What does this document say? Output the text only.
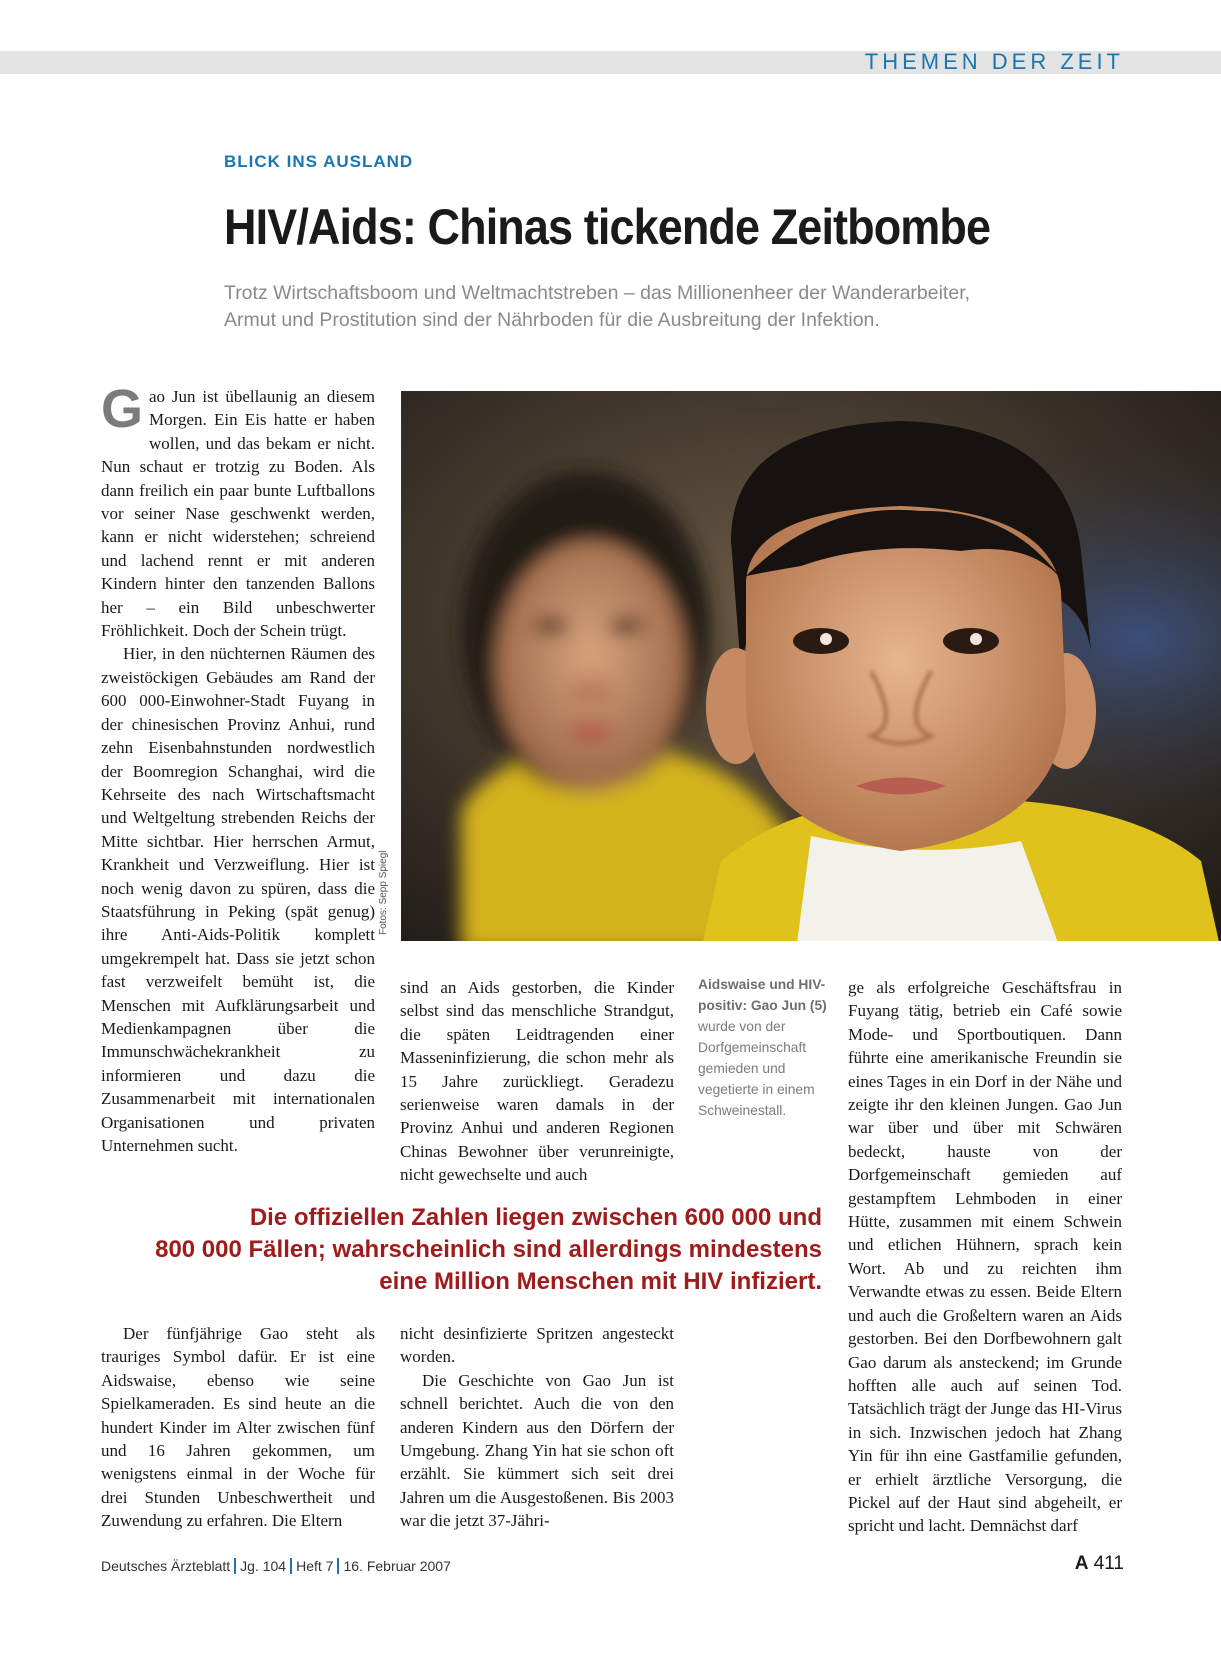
THEMEN DER ZEIT
BLICK INS AUSLAND
HIV/Aids: Chinas tickende Zeitbombe
Trotz Wirtschaftsboom und Weltmachtstreben – das Millionenheer der Wanderarbeiter,
Armut und Prostitution sind der Nährboden für die Ausbreitung der Infektion.
G ao Jun ist übellaunig an diesem Morgen. Ein Eis hatte er haben wollen, und das bekam er nicht. Nun schaut er trotzig zu Boden. Als dann freilich ein paar bunte Luftballons vor seiner Nase geschwenkt werden, kann er nicht widerstehen; schreiend und lachend rennt er mit anderen Kindern hinter den tanzenden Ballons her – ein Bild unbeschwerter Fröhlichkeit. Doch der Schein trügt.

Hier, in den nüchternen Räumen des zweistöckigen Gebäudes am Rand der 600 000-Einwohner-Stadt Fuyang in der chinesischen Provinz Anhui, rund zehn Eisenbahnstunden nordwestlich der Boomregion Schanghai, wird die Kehrseite des nach Wirtschaftsmacht und Weltgeltung strebenden Reichs der Mitte sichtbar. Hier herrschen Armut, Krankheit und Verzweiflung. Hier ist noch wenig davon zu spüren, dass die Staatsführung in Peking (spät genug) ihre Anti-Aids-Politik komplett umgekrempelt hat. Dass sie jetzt schon fast verzweifelt bemüht ist, die Menschen mit Aufklärungsarbeit und Medienkampagnen über die Immunschwächekrankheit zu informieren und dazu die Zusammenarbeit mit internationalen Organisationen und privaten Unternehmen sucht.

Fotos: Sepp Spiegl

sind an Aids gestorben, die Kinder selbst sind das menschliche Strandgut, die späten Leidtragenden einer Masseninfizierung, die schon mehr als 15 Jahre zurückliegt. Geradezu serienweise waren damals in der Provinz Anhui und anderen Regionen Chinas Bewohner über verunreinigte, nicht gewechselte und auch

Aidswaise und HIV-positiv: Gao Jun (5) wurde von der Dorfgemeinschaft gemieden und vegetierte in einem Schweinestall.

ge als erfolgreiche Geschäftsfrau in Fuyang tätig, betrieb ein Café sowie Mode- und Sportboutiquen. Dann führte eine amerikanische Freundin sie eines Tages in ein Dorf in der Nähe und zeigte ihr den kleinen Jungen. Gao Jun war über und über mit Schwären bedeckt, hauste von der Dorfgemeinschaft gemieden auf gestampftem Lehmboden in einer Hütte, zusammen mit einem Schwein und etlichen Hühnern, sprach kein Wort. Ab und zu reichten ihm Verwandte etwas zu essen. Beide Eltern und auch die Großeltern waren an Aids gestorben. Bei den Dorfbewohnern galt Gao darum als ansteckend; im Grunde hofften alle auch auf seinen Tod. Tatsächlich trägt der Junge das HI-Virus in sich. Inzwischen jedoch hat Zhang Yin für ihn eine Gastfamilie gefunden, er erhielt ärztliche Versorgung, die Pickel auf der Haut sind abgeheilt, er spricht und lacht. Demnächst darf

Die offiziellen Zahlen liegen zwischen 600 000 und
800 000 Fällen; wahrscheinlich sind allerdings mindestens
eine Million Menschen mit HIV infiziert.

Der fünfjährige Gao steht als trauriges Symbol dafür. Er ist eine Aidswaise, ebenso wie seine Spielkameraden. Es sind heute an die hundert Kinder im Alter zwischen fünf und 16 Jahren gekommen, um wenigstens einmal in der Woche für drei Stunden Unbeschwertheit und Zuwendung zu erfahren. Die Eltern

nicht desinfizierte Spritzen angesteckt worden.

Die Geschichte von Gao Jun ist schnell berichtet. Auch die von den anderen Kindern aus den Dörfern der Umgebung. Zhang Yin hat sie schon oft erzählt. Sie kümmert sich seit drei Jahren um die Ausgestoßenen. Bis 2003 war die jetzt 37-Jähri-

Deutsches Ärzteblatt Jg. 104 Heft 7 16. Februar 2007	A 411
